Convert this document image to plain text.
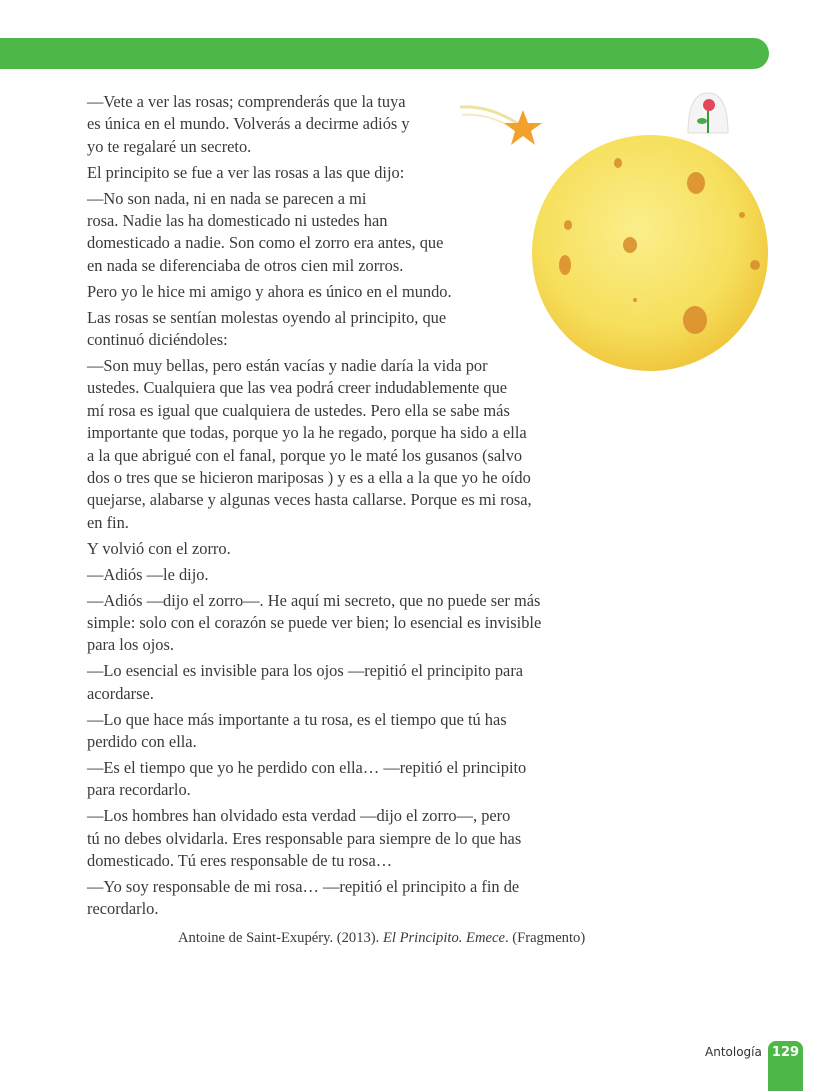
—Vete a ver las rosas; comprenderás que la tuya
es única en el mundo. Volverás a decirme adiós y
yo te regalaré un secreto.

El principito se fue a ver las rosas a las que dijo:

—No son nada, ni en nada se parecen a mi
rosa. Nadie las ha domesticado ni ustedes han
domesticado a nadie. Son como el zorro era antes, que
en nada se diferenciaba de otros cien mil zorros.

Pero yo le hice mi amigo y ahora es único en el mundo.

Las rosas se sentían molestas oyendo al principito, que
continuó diciéndoles:

—Son muy bellas, pero están vacías y nadie daría la vida por
ustedes. Cualquiera que las vea podrá creer indudablemente que
mí rosa es igual que cualquiera de ustedes. Pero ella se sabe más
importante que todas, porque yo la he regado, porque ha sido a ella
a la que abrigué con el fanal, porque yo le maté los gusanos (salvo
dos o tres que se hicieron mariposas ) y es a ella a la que yo he oído
quejarse, alabarse y algunas veces hasta callarse. Porque es mi rosa,
en fin.

Y volvió con el zorro.

—Adiós —le dijo.

—Adiós —dijo el zorro—. He aquí mi secreto, que no puede ser más
simple: solo con el corazón se puede ver bien; lo esencial es invisible
para los ojos.

—Lo esencial es invisible para los ojos —repitió el principito para
acordarse.

—Lo que hace más importante a tu rosa, es el tiempo que tú has
perdido con ella.

—Es el tiempo que yo he perdido con ella… —repitió el principito
para recordarlo.

—Los hombres han olvidado esta verdad —dijo el zorro—, pero
tú no debes olvidarla. Eres responsable para siempre de lo que has
domesticado. Tú eres responsable de tu rosa…

—Yo soy responsable de mi rosa… —repitió el principito a fin de
recordarlo.

Antoine de Saint-Exupéry. (2013). El Principito. Emece. (Fragmento)
Antología 129
